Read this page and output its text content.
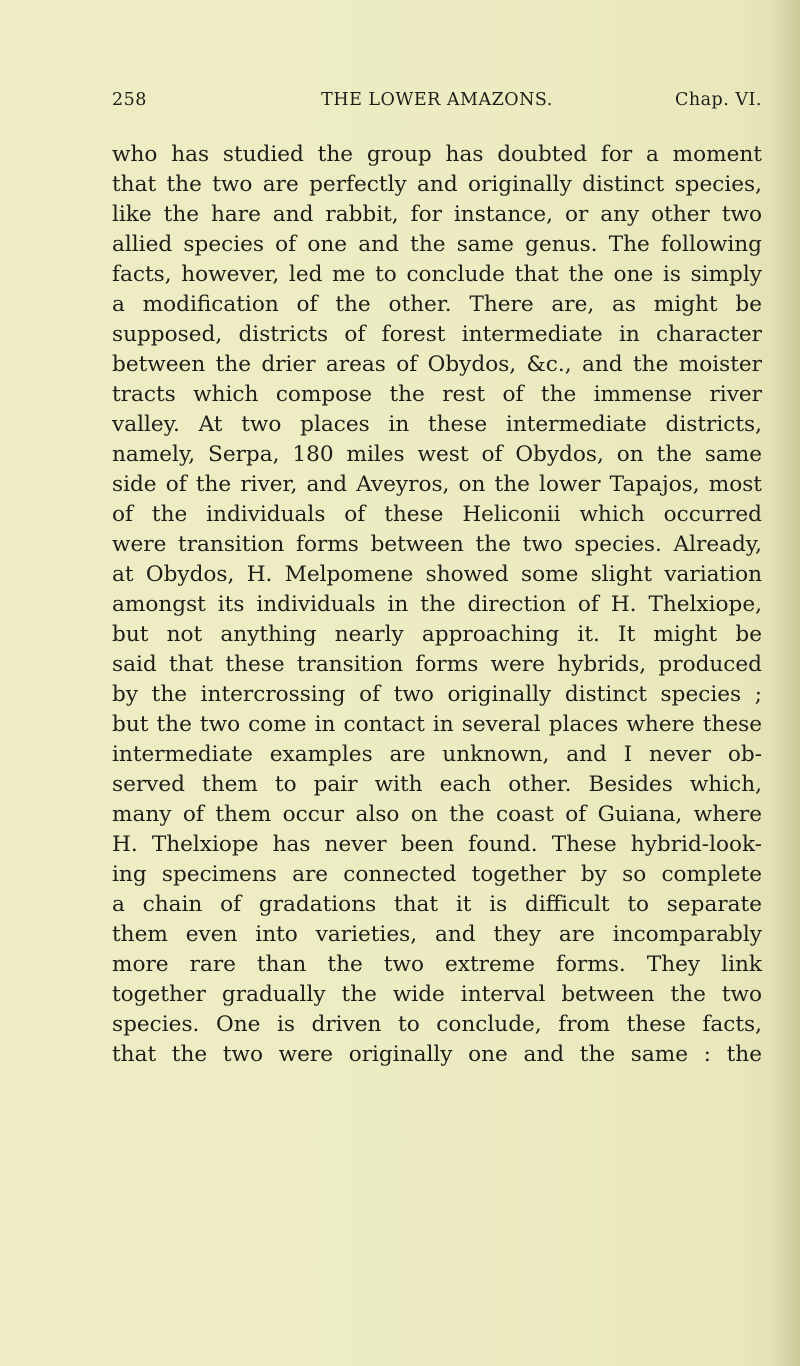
258	THE LOWER AMAZONS.	Chap. VI.
who has studied the group has doubted for a moment
that the two are perfectly and originally distinct species,
like the hare and rabbit, for instance, or any other two
allied species of one and the same genus. The following
facts, however, led me to conclude that the one is simply
a modification of the other. There are, as might be
supposed, districts of forest intermediate in character
between the drier areas of Obydos, &c., and the moister
tracts which compose the rest of the immense river
valley. At two places in these intermediate districts,
namely, Serpa, 180 miles west of Obydos, on the same
side of the river, and Aveyros, on the lower Tapajos, most
of the individuals of these Heliconii which occurred
were transition forms between the two species. Already,
at Obydos, H. Melpomene showed some slight variation
amongst its individuals in the direction of H. Thelxiope,
but not anything nearly approaching it. It might be
said that these transition forms were hybrids, produced
by the intercrossing of two originally distinct species ;
but the two come in contact in several places where these
intermediate examples are unknown, and I never ob-
served them to pair with each other. Besides which,
many of them occur also on the coast of Guiana, where
H. Thelxiope has never been found. These hybrid-look-
ing specimens are connected together by so complete
a chain of gradations that it is difficult to separate
them even into varieties, and they are incomparably
more rare than the two extreme forms. They link
together gradually the wide interval between the two
species. One is driven to conclude, from these facts,
that the two were originally one and the same : the
